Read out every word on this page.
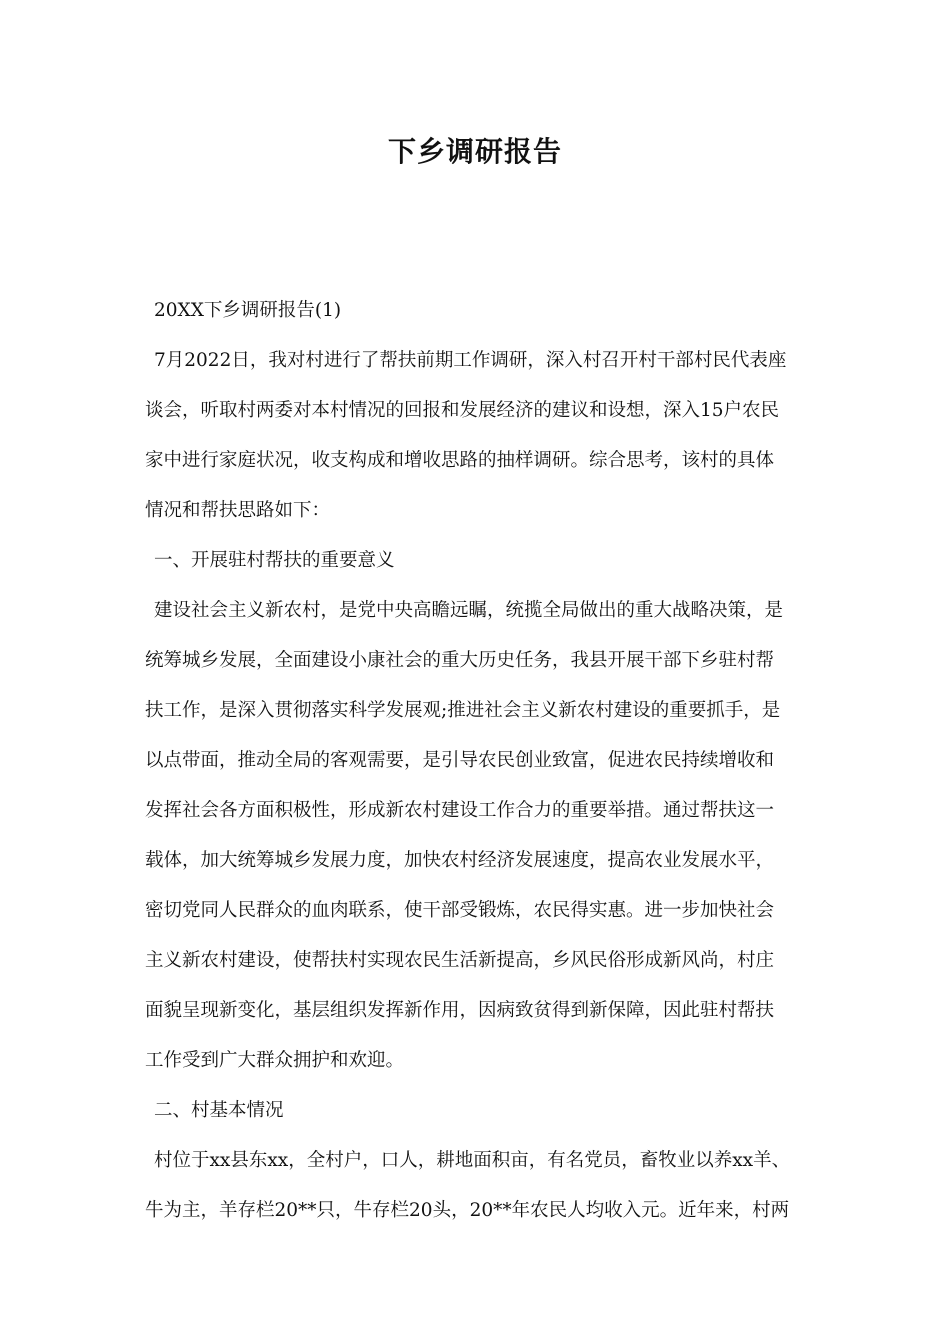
下乡调研报告

20XX下乡调研报告(1)

7月2022日，我对村进行了帮扶前期工作调研，深入村召开村干部村民代表座

谈会，听取村两委对本村情况的回报和发展经济的建议和设想，深入15户农民

家中进行家庭状况，收支构成和增收思路的抽样调研。综合思考，该村的具体

情况和帮扶思路如下：

一、开展驻村帮扶的重要意义

建设社会主义新农村，是党中央高瞻远瞩，统揽全局做出的重大战略决策，是

统筹城乡发展，全面建设小康社会的重大历史任务，我县开展干部下乡驻村帮

扶工作，是深入贯彻落实科学发展观;推进社会主义新农村建设的重要抓手，是

以点带面，推动全局的客观需要，是引导农民创业致富，促进农民持续增收和

发挥社会各方面积极性，形成新农村建设工作合力的重要举措。通过帮扶这一

载体，加大统筹城乡发展力度，加快农村经济发展速度，提高农业发展水平，

密切党同人民群众的血肉联系，使干部受锻炼，农民得实惠。进一步加快社会

主义新农村建设，使帮扶村实现农民生活新提高，乡风民俗形成新风尚，村庄

面貌呈现新变化，基层组织发挥新作用，因病致贫得到新保障，因此驻村帮扶

工作受到广大群众拥护和欢迎。

二、村基本情况

村位于xx县东xx，全村户，口人，耕地面积亩，有名党员，畜牧业以养xx羊、

牛为主，羊存栏20**只，牛存栏20头，20**年农民人均收入元。近年来，村两
